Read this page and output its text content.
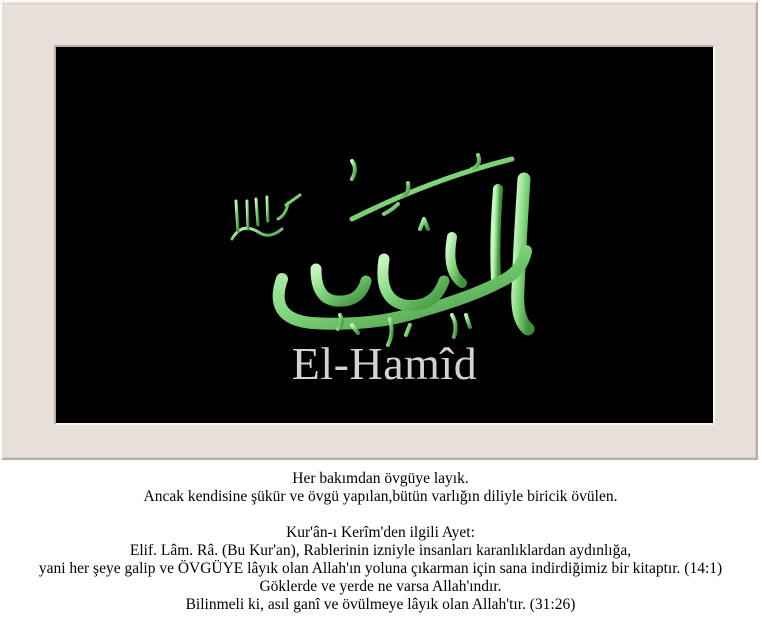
El-Hamîd
Her bakımdan övgüye layık.
Ancak kendisine şükür ve övgü yapılan,bütün varlığın diliyle biricik övülen.
Kur'ân-ı Kerîm'den ilgili Ayet:
Elif. Lâm. Râ. (Bu Kur'an), Rablerinin izniyle insanları karanlıklardan aydınlığa,
yani her şeye galip ve ÖVGÜYE lâyık olan Allah'ın yoluna çıkarman için sana indirdiğimiz bir kitaptır. (14:1)
Göklerde ve yerde ne varsa Allah'ındır.
Bilinmeli ki, asıl ganî ve övülmeye lâyık olan Allah'tır. (31:26)
